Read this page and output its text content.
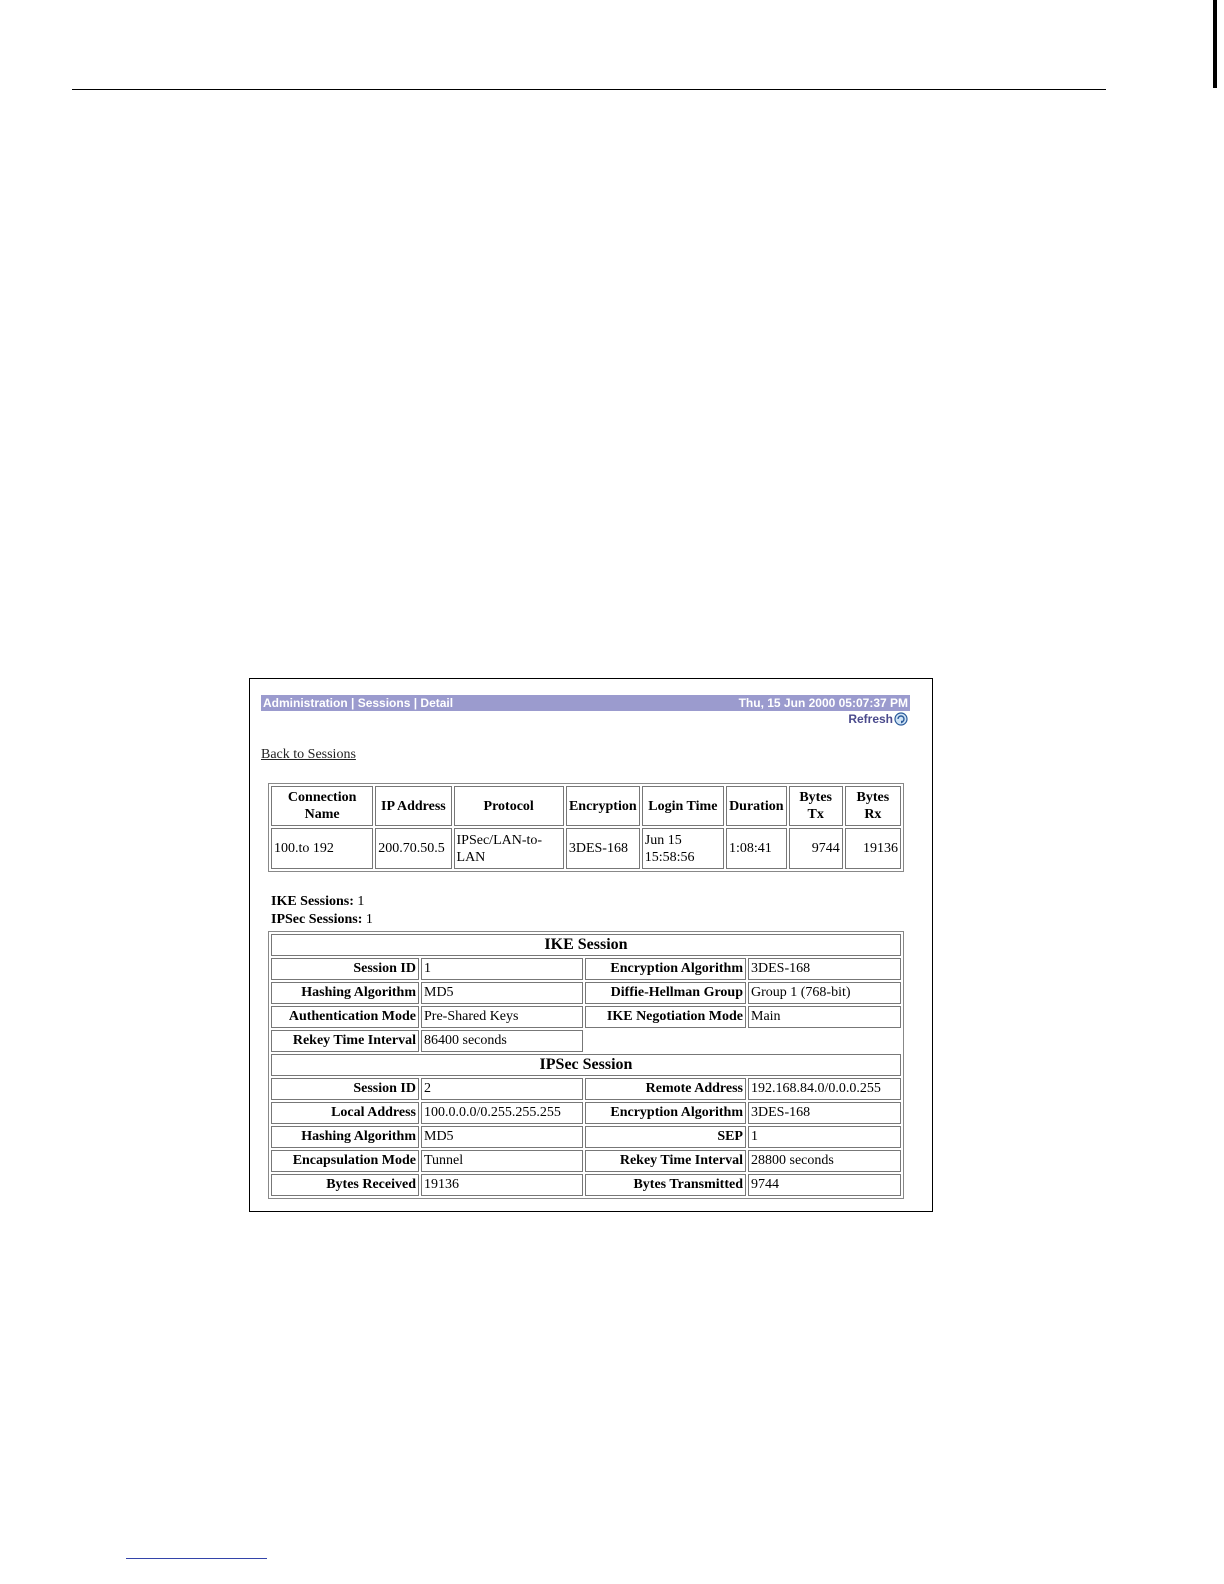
Administration | Sessions | Detail	Thu, 15 Jun 2000 05:07:37 PM
Refresh
Back to Sessions
Connection Name	IP Address	Protocol	Encryption	Login Time	Duration	Bytes Tx	Bytes Rx
100.to 192	200.70.50.5	IPSec/LAN-to-LAN	3DES-168	Jun 15 15:58:56	1:08:41	9744	19136
IKE Sessions: 1
IPSec Sessions: 1
IKE Session			
Session ID	1	Encryption Algorithm	3DES-168
Hashing Algorithm	MD5	Diffie-Hellman Group	Group 1 (768-bit)
Authentication Mode	Pre-Shared Keys	IKE Negotiation Mode	Main
Rekey Time Interval	86400 seconds		
IPSec Session			
Session ID	2	Remote Address	192.168.84.0/0.0.0.255
Local Address	100.0.0.0/0.255.255.255	Encryption Algorithm	3DES-168
Hashing Algorithm	MD5	SEP	1
Encapsulation Mode	Tunnel	Rekey Time Interval	28800 seconds
Bytes Received	19136	Bytes Transmitted	9744
